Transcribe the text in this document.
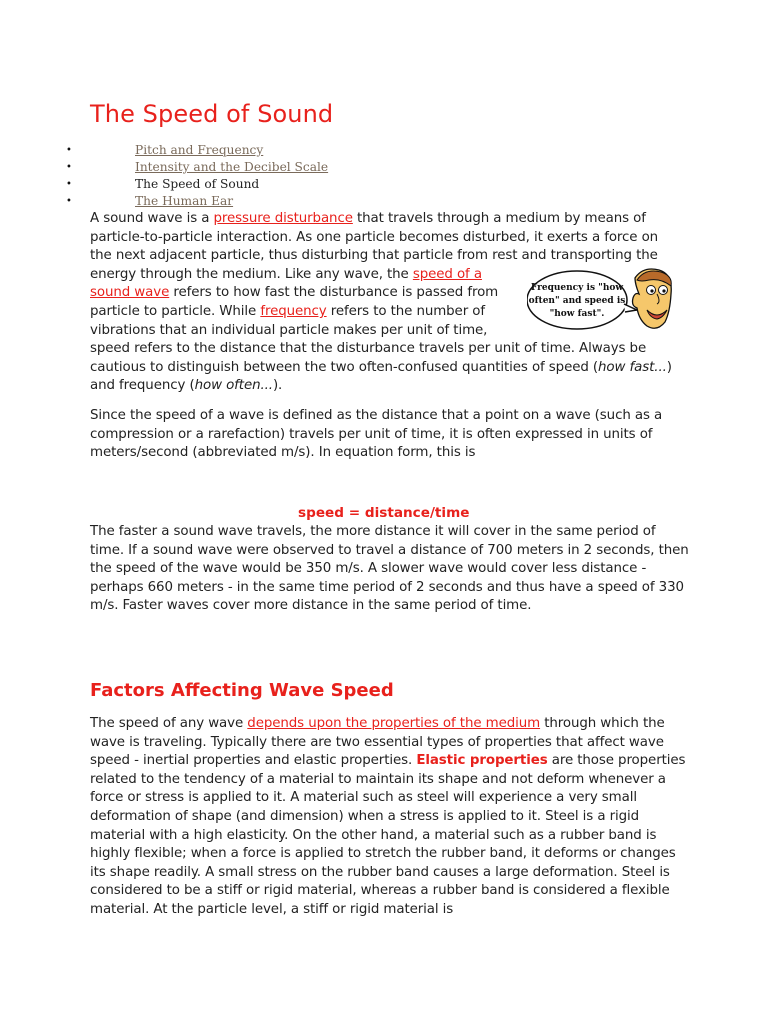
The Speed of Sound
•	Pitch and Frequency
•	Intensity and the Decibel Scale
•	The Speed of Sound
•	The Human Ear
A sound wave is a pressure disturbance that travels through a medium by means of
particle-to-particle interaction. As one particle becomes disturbed, it exerts a force on
the next adjacent particle, thus disturbing that particle from rest and transporting the
energy through the medium. Like any wave, the speed of a
sound wave refers to how fast the disturbance is passed from
particle to particle. While frequency refers to the number of
vibrations that an individual particle makes per unit of time,
speed refers to the distance that the disturbance travels per unit of time. Always be
cautious to distinguish between the two often-confused quantities of speed (how fast...)
and frequency (how often...).
Frequency is "how
often" and speed is
"how fast".

Since the speed of a wave is defined as the distance that a point on a wave (such as a compression or a rarefaction) travels per unit of time, it is often expressed in units of meters/second (abbreviated m/s). In equation form, this is

speed = distance/time

The faster a sound wave travels, the more distance it will cover in the same period of time. If a sound wave were observed to travel a distance of 700 meters in 2 seconds, then the speed of the wave would be 350 m/s. A slower wave would cover less distance - perhaps 660 meters - in the same time period of 2 seconds and thus have a speed of 330 m/s. Faster waves cover more distance in the same period of time.

Factors Affecting Wave Speed

The speed of any wave depends upon the properties of the medium through which the wave is traveling. Typically there are two essential types of properties that affect wave speed - inertial properties and elastic properties. Elastic properties are those properties related to the tendency of a material to maintain its shape and not deform whenever a force or stress is applied to it. A material such as steel will experience a very small deformation of shape (and dimension) when a stress is applied to it. Steel is a rigid material with a high elasticity. On the other hand, a material such as a rubber band is highly flexible; when a force is applied to stretch the rubber band, it deforms or changes its shape readily. A small stress on the rubber band causes a large deformation. Steel is considered to be a stiff or rigid material, whereas a rubber band is considered a flexible material. At the particle level, a stiff or rigid material is
